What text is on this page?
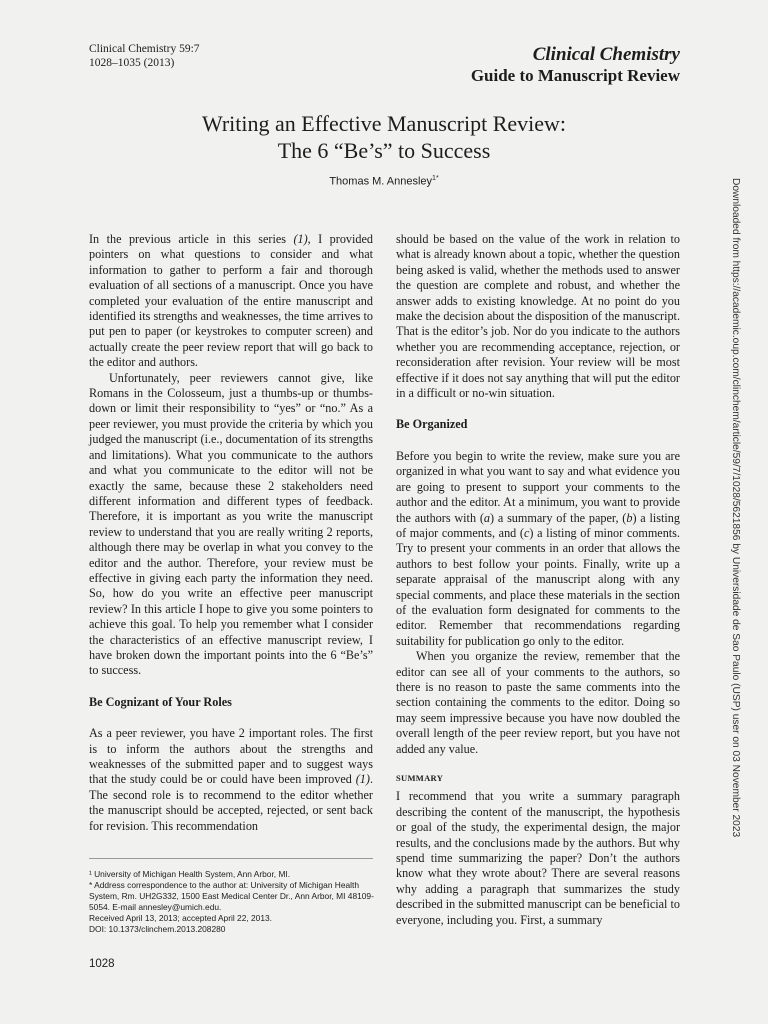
Clinical Chemistry 59:7
1028–1035 (2013)	Clinical Chemistry
Guide to Manuscript Review
Writing an Effective Manuscript Review:
The 6 “Be’s” to Success
Thomas M. Annesley$^{1*}$

In the previous article in this series (1), I provided pointers on what questions to consider and what information to gather to perform a fair and thorough evaluation of all sections of a manuscript. Once you have completed your evaluation of the entire manuscript and identified its strengths and weaknesses, the time arrives to put pen to paper (or keystrokes to computer screen) and actually create the peer review report that will go back to the editor and authors.

Unfortunately, peer reviewers cannot give, like Romans in the Colosseum, just a thumbs-up or thumbs-down or limit their responsibility to “yes” or “no.” As a peer reviewer, you must provide the criteria by which you judged the manuscript (i.e., documentation of its strengths and limitations). What you communicate to the authors and what you communicate to the editor will not be exactly the same, because these 2 stakeholders need different information and different types of feedback. Therefore, it is important as you write the manuscript review to understand that you are really writing 2 reports, although there may be overlap in what you convey to the editor and the author. Therefore, your review must be effective in giving each party the information they need. So, how do you write an effective peer manuscript review? In this article I hope to give you some pointers to achieve this goal. To help you remember what I consider the characteristics of an effective manuscript review, I have broken down the important points into the 6 “Be’s” to success.

Be Cognizant of Your Roles

As a peer reviewer, you have 2 important roles. The first is to inform the authors about the strengths and weaknesses of the submitted paper and to suggest ways that the study could be or could have been improved (1). The second role is to recommend to the editor whether the manuscript should be accepted, rejected, or sent back for revision. This recommendation

should be based on the value of the work in relation to what is already known about a topic, whether the question being asked is valid, whether the methods used to answer the question are complete and robust, and whether the answer adds to existing knowledge. At no point do you make the decision about the disposition of the manuscript. That is the editor’s job. Nor do you indicate to the authors whether you are recommending acceptance, rejection, or reconsideration after revision. Your review will be most effective if it does not say anything that will put the editor in a difficult or no-win situation.

Be Organized

Before you begin to write the review, make sure you are organized in what you want to say and what evidence you are going to present to support your comments to the author and the editor. At a minimum, you want to provide the authors with (a) a summary of the paper, (b) a listing of major comments, and (c) a listing of minor comments. Try to present your comments in an order that allows the authors to best follow your points. Finally, write up a separate appraisal of the manuscript along with any special comments, and place these materials in the section of the evaluation form designated for comments to the editor. Remember that recommendations regarding suitability for publication go only to the editor.

When you organize the review, remember that the editor can see all of your comments to the authors, so there is no reason to paste the same comments into the section containing the comments to the editor. Doing so may seem impressive because you have now doubled the overall length of the peer review report, but you have not added any value.

SUMMARY

I recommend that you write a summary paragraph describing the content of the manuscript, the hypothesis or goal of the study, the experimental design, the major results, and the conclusions made by the authors. But why spend time summarizing the paper? Don’t the authors know what they wrote about? There are several reasons why adding a paragraph that summarizes the study described in the submitted manuscript can be beneficial to everyone, including you. First, a summary

¹ University of Michigan Health System, Ann Arbor, MI.

* Address correspondence to the author at: University of Michigan Health System, Rm. UH2G332, 1500 East Medical Center Dr., Ann Arbor, MI 48109-5054. E-mail annesley@umich.edu.

Received April 13, 2013; accepted April 22, 2013.

DOI: 10.1373/clinchem.2013.208280

1028
Downloaded from https://academic.oup.com/clinchem/article/59/7/1028/5621856 by Universidade de Sao Paulo (USP) user on 03 November 2023
